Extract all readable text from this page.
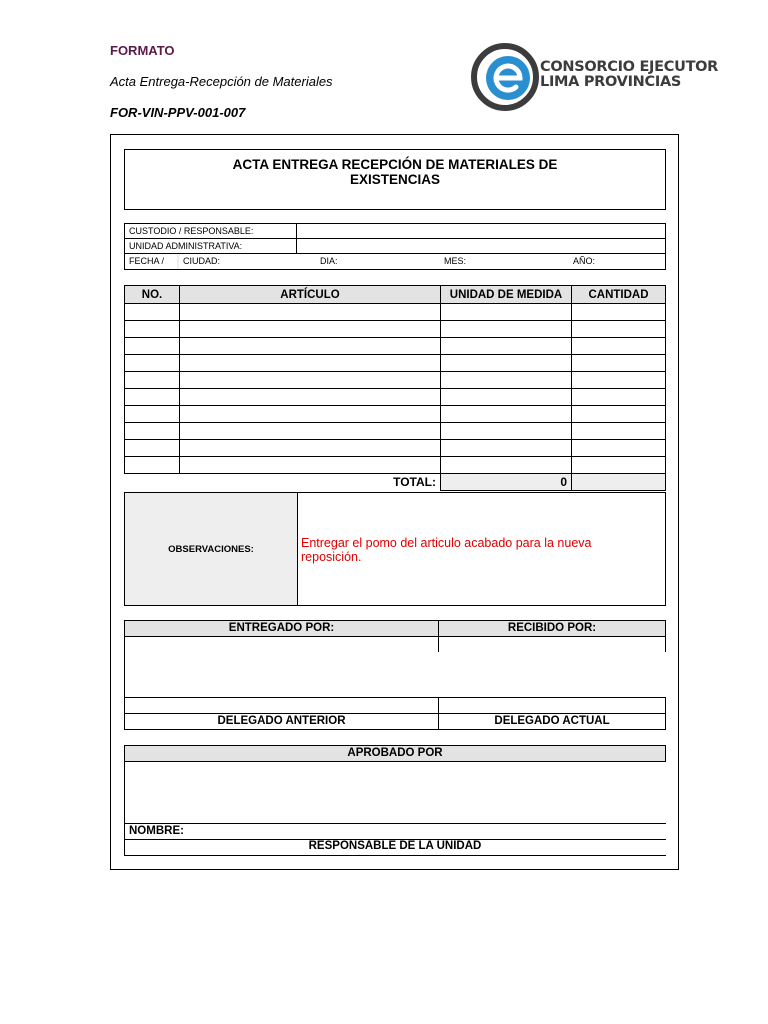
FORMATO
Acta Entrega-Recepción de Materiales
FOR-VIN-PPV-001-007
CONSORCIO EJECUTOR
LIMA PROVINCIAS
ACTA ENTREGA RECEPCIÓN DE MATERIALES DE
EXISTENCIAS
CUSTODIO / RESPONSABLE:	
UNIDAD ADMINISTRATIVA:	

FECHA / CIUDAD: DIA: MES: AÑO:	
NO.	ARTÍCULO	UNIDAD DE MEDIDA	CANTIDAD

	TOTAL:	0	
OBSERVACIONES:	Entregar el pomo del articulo acabado para la nueva reposición.
ENTREGADO POR:	RECIBIDO POR:
DELEGADO ANTERIOR	DELEGADO ACTUAL
APROBADO POR
NOMBRE:
RESPONSABLE DE LA UNIDAD
